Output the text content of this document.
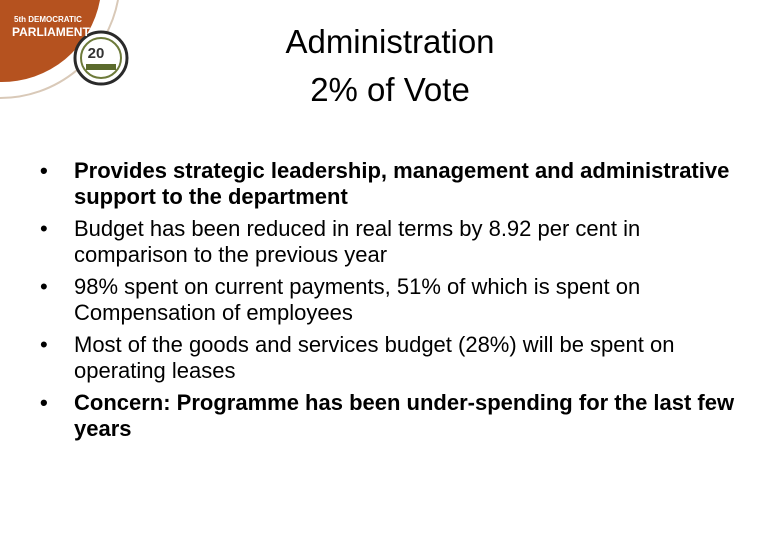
20
5th DEMOCRATIC
PARLIAMENT	Administration
2% of Vote
• Provides strategic leadership, management and administrative support to the department
• Budget has been reduced in real terms by 8.92 per cent in comparison to the previous year
• 98% spent on current payments, 51% of which is spent on Compensation of employees
• Most of the goods and services budget (28%) will be spent on operating leases
• Concern: Programme has been under-spending for the last few years
